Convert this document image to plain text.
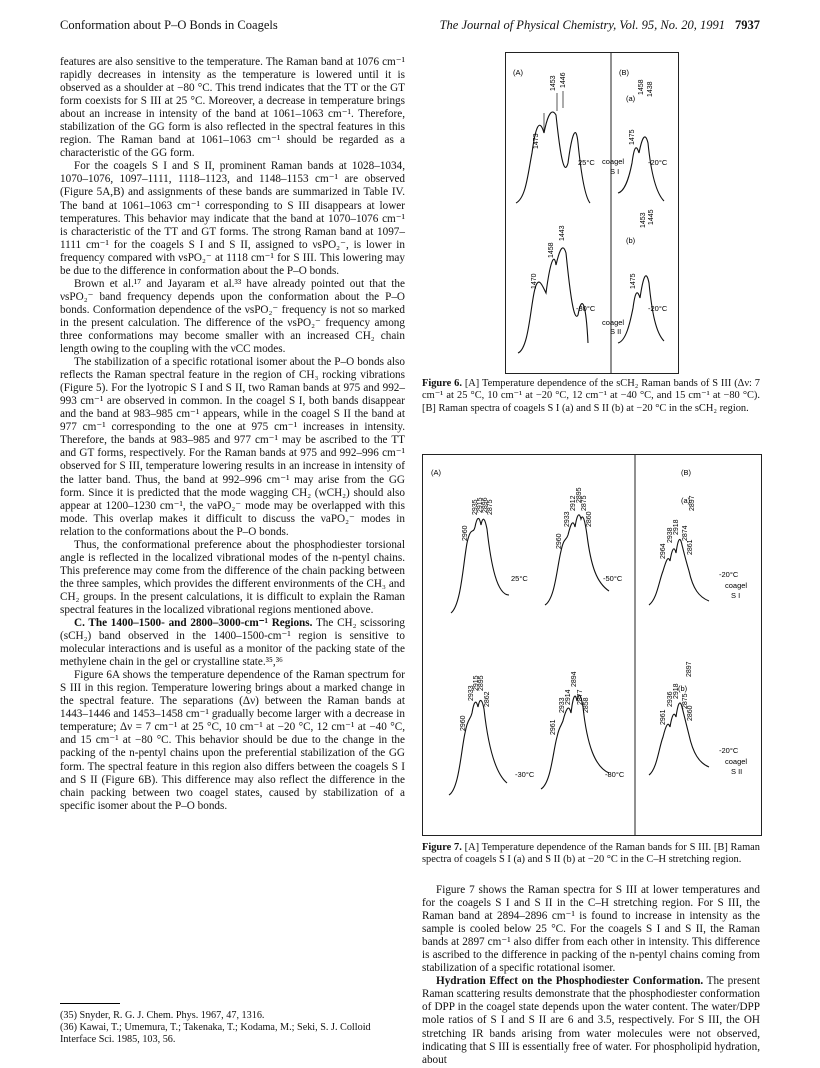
Conformation about P–O Bonds in Coagels	The Journal of Physical Chemistry, Vol. 95, No. 20, 1991 7937

features are also sensitive to the temperature. The Raman band at 1076 cm⁻¹ rapidly decreases in intensity as the temperature is lowered until it is observed as a shoulder at −80 °C. This trend indicates that the TT or the GT form coexists for S III at 25 °C. Moreover, a decrease in temperature brings about an increase in intensity of the band at 1061–1063 cm⁻¹. Therefore, stabilization of the GG form is also reflected in the spectral features in this region. The Raman band at 1061–1063 cm⁻¹ should be regarded as a characteristic of the GG form.

For the coagels S I and S II, prominent Raman bands at 1028–1034, 1070–1076, 1097–1111, 1118–1123, and 1148–1153 cm⁻¹ are observed (Figure 5A,B) and assignments of these bands are summarized in Table IV. The band at 1061–1063 cm⁻¹ corresponding to S III disappears at lower temperatures. This behavior may indicate that the band at 1070–1076 cm⁻¹ is characteristic of the TT and GT forms. The strong Raman band at 1097–1111 cm⁻¹ for the coagels S I and S II, assigned to νsPO₂⁻, is lower in frequency compared with νsPO₂⁻ at 1118 cm⁻¹ for S III. This lowering may be due to the difference in conformation about the P–O bonds.

Brown et al.¹⁷ and Jayaram et al.³³ have already pointed out that the νsPO₂⁻ band frequency depends upon the conformation about the P–O bonds. Conformation dependence of the νsPO₂⁻ frequency is not so marked in the present calculation. The difference of the νsPO₂⁻ frequency among three conformations may become smaller with an increased CH₂ chain length owing to the coupling with the νCC modes.

The stabilization of a specific rotational isomer about the P–O bonds also reflects the Raman spectral feature in the region of CH₃ rocking vibrations (Figure 5). For the lyotropic S I and S II, two Raman bands at 975 and 992–993 cm⁻¹ are observed in common. In the coagel S I, both bands disappear and the band at 983–985 cm⁻¹ appears, while in the coagel S II the band at 977 cm⁻¹ corresponding to the one at 975 cm⁻¹ increases in intensity. Therefore, the bands at 983–985 and 977 cm⁻¹ may be ascribed to the TT and GT forms, respectively. For the Raman bands at 975 and 992–996 cm⁻¹ observed for S III, temperature lowering results in an increase in intensity of the latter band. Thus, the band at 992–996 cm⁻¹ may arise from the GG form. Since it is predicted that the mode wagging CH₂ (wCH₂) should also appear at 1200–1230 cm⁻¹, the νaPO₂⁻ mode may be overlapped with this mode. This overlap makes it difficult to discuss the νaPO₂⁻ modes in relation to the conformations about the P–O bonds.

Thus, the conformational preference about the phosphodiester torsional angle is reflected in the localized vibrational modes of the n-pentyl chains. This preference may come from the difference of the chain packing between the three samples, which provides the different environments of the CH₃ and CH₂ groups. In the present calculations, it is difficult to explain the Raman spectral features in the localized vibrational regions mentioned above.

C. The 1400–1500- and 2800–3000-cm⁻¹ Regions. The CH₂ scissoring (sCH₂) band observed in the 1400–1500-cm⁻¹ region is sensitive to molecular interactions and is useful as a monitor of the packing state of the methylene chain in the gel or crystalline state.³⁵,³⁶

Figure 6A shows the temperature dependence of the Raman spectrum for S III in this region. Temperature lowering brings about a marked change in the spectral feature. The separations (Δν) between the Raman bands at 1443–1446 and 1453–1458 cm⁻¹ gradually become larger with a decrease in temperature; Δν = 7 cm⁻¹ at 25 °C, 10 cm⁻¹ at −20 °C, 12 cm⁻¹ at −40 °C, and 15 cm⁻¹ at −80 °C. This behavior should be due to the change in the packing of the n-pentyl chains upon the preferential stabilization of the GG form. The spectral feature in this region also differs between the coagels S I and S II (Figure 6B). This difference may also reflect the difference in the chain packing between two coagel states, caused by stabilization of a specific isomer about the P–O bonds.

(35) Snyder, R. G. J. Chem. Phys. 1967, 47, 1316.

(36) Kawai, T.; Umemura, T.; Takenaka, T.; Kodama, M.; Seki, S. J. Colloid Interface Sci. 1985, 103, 56.

(A)	(B)
(a)
(b)
1473
1453 1446
25°C
1470
1458
1443
-80°C
1475
1458 1438
-20°C
coagel
S I
1475
1453 1445
-20°C
coagel
S II
Figure 6. [A] Temperature dependence of the sCH₂ Raman bands of S III (Δν: 7 cm⁻¹ at 25 °C, 10 cm⁻¹ at −20 °C, 12 cm⁻¹ at −40 °C, and 15 cm⁻¹ at −80 °C). [B] Raman spectra of coagels S I (a) and S II (b) at −20 °C in the sCH₂ region.
(A)	(B)
(a)
(b)
2960
2935
2915
2896
2875
25°C
2960
2933
2912
2895
2875
2860
-50°C
2960
2933
2915
2895
2862
-30°C
2961
2933
2914
2894
2877
2858
-80°C
2964
2938
2918
2897
2874
2861
-20°C
coagel
S I
2961
2936
2918
2897
2875
2860
-20°C
coagel
S II
Figure 7. [A] Temperature dependence of the Raman bands for S III. [B] Raman spectra of coagels S I (a) and S II (b) at −20 °C in the C–H stretching region.

Figure 7 shows the Raman spectra for S III at lower temperatures and for the coagels S I and S II in the C–H stretching region. For S III, the Raman band at 2894–2896 cm⁻¹ is found to increase in intensity as the sample is cooled below 25 °C. For the coagels S I and S II, the Raman bands at 2897 cm⁻¹ also differ from each other in intensity. This difference is ascribed to the difference in packing of the n-pentyl chains coming from stabilization of a specific rotational isomer.

Hydration Effect on the Phosphodiester Conformation. The present Raman scattering results demonstrate that the phosphodiester conformation of DPP in the coagel state depends upon the water content. The water/DPP mole ratios of S I and S II are 6 and 3.5, respectively. For S III, the OH stretching IR bands arising from water molecules were not observed, indicating that S III is essentially free of water. For phospholipid hydration, about
